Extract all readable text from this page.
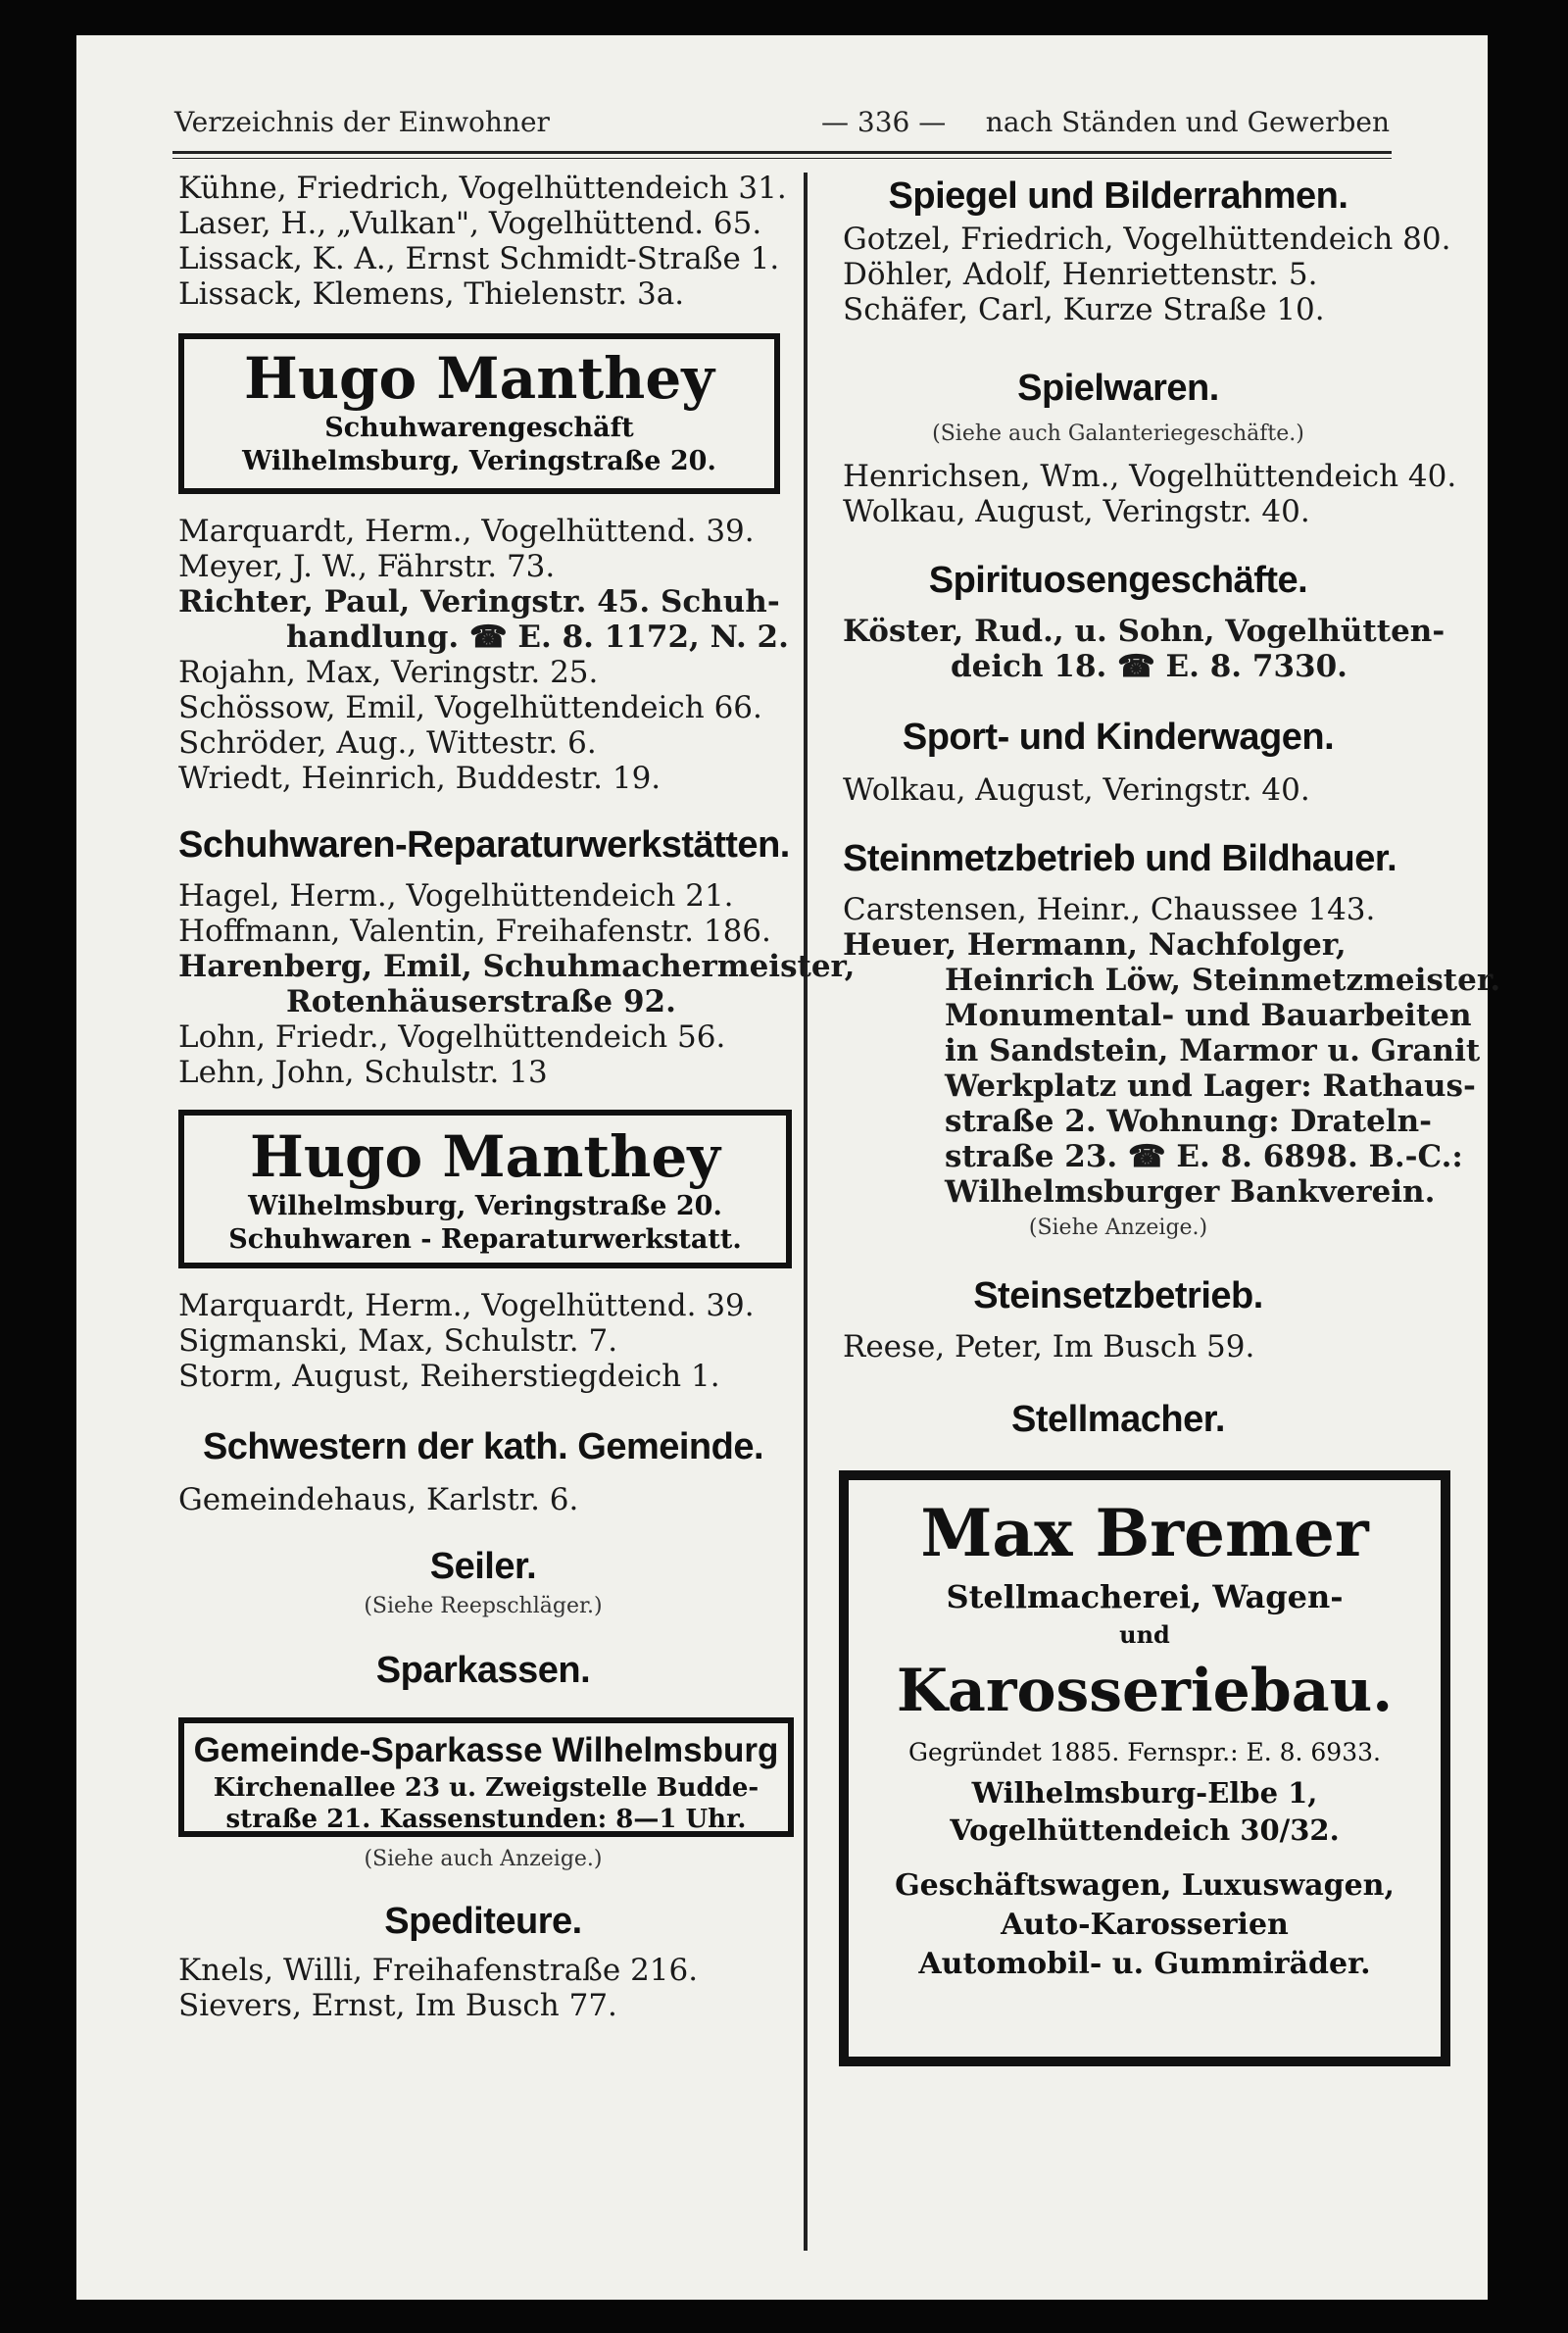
Verzeichnis der Einwohner	— 336 — nach Ständen und Gewerben
Kühne, Friedrich, Vogelhüttendeich 31.
Laser, H., „Vulkan", Vogelhüttend. 65.
Lissack, K. A., Ernst Schmidt-Straße 1.
Lissack, Klemens, Thielenstr. 3a.
Hugo Manthey
Schuhwarengeschäft
Wilhelmsburg, Veringstraße 20.
Marquardt, Herm., Vogelhüttend. 39.
Meyer, J. W., Fährstr. 73.
Richter, Paul, Veringstr. 45. Schuh-
handlung. ☎ E. 8. 1172, N. 2.
Rojahn, Max, Veringstr. 25.
Schössow, Emil, Vogelhüttendeich 66.
Schröder, Aug., Wittestr. 6.
Wriedt, Heinrich, Buddestr. 19.
Schuhwaren-Reparaturwerkstätten.
Hagel, Herm., Vogelhüttendeich 21.
Hoffmann, Valentin, Freihafenstr. 186.
Harenberg, Emil, Schuhmachermeister,
Rotenhäuserstraße 92.
Lohn, Friedr., Vogelhüttendeich 56.
Lehn, John, Schulstr. 13
Hugo Manthey
Wilhelmsburg, Veringstraße 20.
Schuhwaren - Reparaturwerkstatt.
Marquardt, Herm., Vogelhüttend. 39.
Sigmanski, Max, Schulstr. 7.
Storm, August, Reiherstiegdeich 1.
Schwestern der kath. Gemeinde.
Gemeindehaus, Karlstr. 6.
Seiler.
(Siehe Reepschläger.)
Sparkassen.
Gemeinde-Sparkasse Wilhelmsburg
Kirchenallee 23 u. Zweigstelle Budde-
straße 21. Kassenstunden: 8—1 Uhr.
(Siehe auch Anzeige.)
Spediteure.
Knels, Willi, Freihafenstraße 216.
Sievers, Ernst, Im Busch 77.
Spiegel und Bilderrahmen.
Gotzel, Friedrich, Vogelhüttendeich 80.
Döhler, Adolf, Henriettenstr. 5.
Schäfer, Carl, Kurze Straße 10.
Spielwaren.
(Siehe auch Galanteriegeschäfte.)
Henrichsen, Wm., Vogelhüttendeich 40.
Wolkau, August, Veringstr. 40.
Spirituosengeschäfte.
Köster, Rud., u. Sohn, Vogelhütten-
deich 18. ☎ E. 8. 7330.
Sport- und Kinderwagen.
Wolkau, August, Veringstr. 40.
Steinmetzbetrieb und Bildhauer.
Carstensen, Heinr., Chaussee 143.
Heuer, Hermann, Nachfolger,
Heinrich Löw, Steinmetzmeister.
Monumental- und Bauarbeiten
in Sandstein, Marmor u. Granit
Werkplatz und Lager: Rathaus-
straße 2. Wohnung: Drateln-
straße 23. ☎ E. 8. 6898. B.-C.:
Wilhelmsburger Bankverein.
(Siehe Anzeige.)
Steinsetzbetrieb.
Reese, Peter, Im Busch 59.
Stellmacher.
Max Bremer
Stellmacherei, Wagen-
und
Karosseriebau.
Gegründet 1885. Fernspr.: E. 8. 6933.
Wilhelmsburg-Elbe 1,
Vogelhüttendeich 30/32.
Geschäftswagen, Luxuswagen,
Auto-Karosserien
Automobil- u. Gummiräder.
